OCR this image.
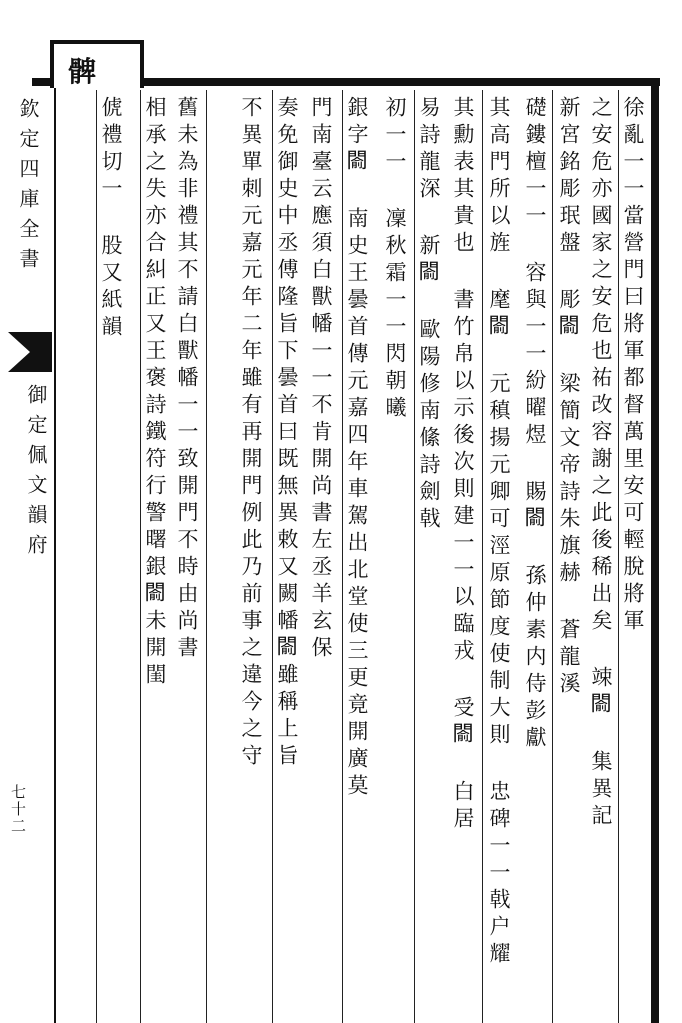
髀
欽定四庫全書
御定佩文韻府
七十二
徐亂一一當營門曰將軍都督萬里安可輕脫將軍
之安危亦國家之安危也祐改容謝之此後稀出矣 竦𨵦 集異記
新宮銘彫珉盤 彫𨵦 梁簡文帝詩朱旗赫 蒼龍溪
礎鏤檀一一 容與一一紛曜煜 賜𨵦 孫仲素内侍彭獻
其高門所以旌 麾𨵦 元稹揚元卿可涇原節度使制大則 忠碑一一戟户耀
其勳表其貴也 書竹帛以示後次則建一一以臨戎 受𨵦 白居
易詩龍深 新𨵦 歐陽修南絛詩劍戟
初一一 凜秋霜一一閃朝曦
銀字𨵦 南史王曇首傳元嘉四年車駕出北堂使三更竟開廣莫
門南臺云應須白獸幡一一不肯開尚書左丞羊玄保
奏免御史中丞傅隆旨下曇首曰既無異敕又闕幡𨵦雖稱上旨
不異單刺元嘉元年二年雖有再開門例此乃前事之違今之守
舊未為非禮其不請白獸幡一一致開門不時由尚書
相承之失亦合糾正又王褒詩鐵符行警曙銀𨵦未開閨
俿禮切一 股又紙韻
